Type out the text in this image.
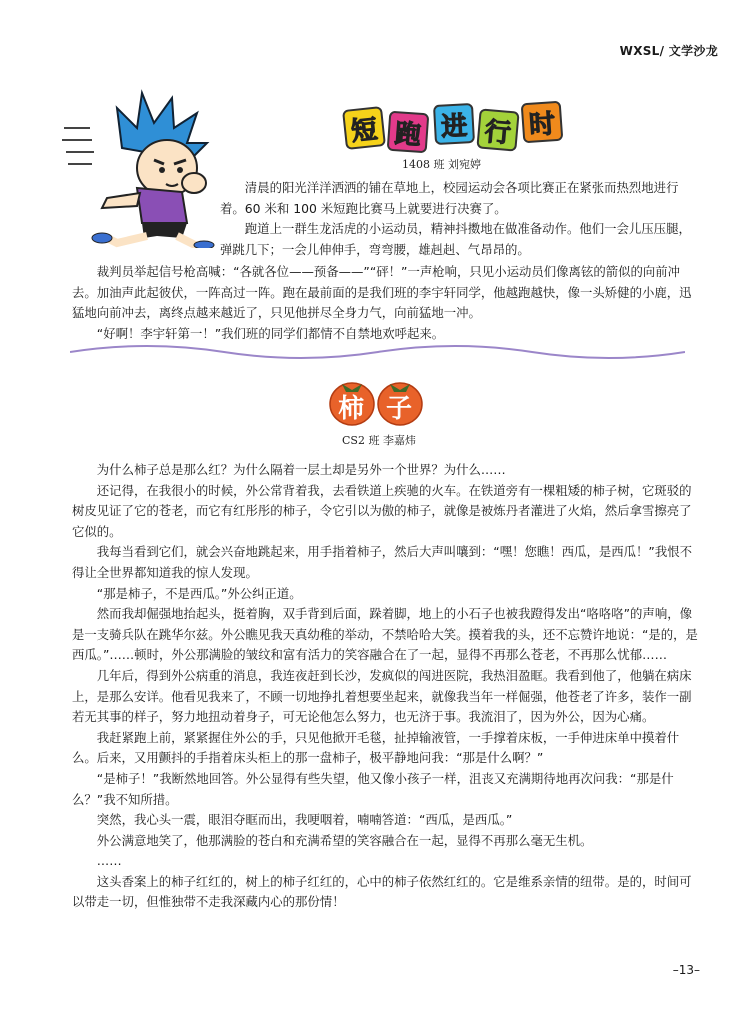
WXSL/ 文学沙龙
短 跑 进 行 时
1408 班 刘宛婷

清晨的阳光洋洋洒洒的铺在草地上，校园运动会各项比赛正在紧张而热烈地进行着。60 米和 100 米短跑比赛马上就要进行决赛了。

跑道上一群生龙活虎的小运动员，精神抖擞地在做准备动作。他们一会儿压压腿，弹跳几下；一会儿伸伸手，弯弯腰，雄赳赳、气昂昂的。

裁判员举起信号枪高喊：“各就各位——预备——”“砰！”一声枪响，只见小运动员们像离铉的箭似的向前冲去。加油声此起彼伏，一阵高过一阵。跑在最前面的是我们班的李宇轩同学，他越跑越快，像一头矫健的小鹿，迅猛地向前冲去，离终点越来越近了，只见他拼尽全身力气，向前猛地一冲。

“好啊！李宇轩第一！”我们班的同学们都情不自禁地欢呼起来。

柿 子
CS2 班 李嘉炜

为什么柿子总是那么红？为什么隔着一层土却是另外一个世界？为什么……

还记得，在我很小的时候，外公常背着我，去看铁道上疾驰的火车。在铁道旁有一棵粗矮的柿子树，它斑驳的树皮见证了它的苍老，而它有红彤彤的柿子，令它引以为傲的柿子，就像是被炼丹者灌进了火焰，然后拿雪擦亮了它似的。

我每当看到它们，就会兴奋地跳起来，用手指着柿子，然后大声叫嚷到：“嘿！您瞧！西瓜，是西瓜！”我恨不得让全世界都知道我的惊人发现。

“那是柿子，不是西瓜。”外公纠正道。

然而我却倔强地抬起头，挺着胸，双手背到后面，跺着脚，地上的小石子也被我蹬得发出“咯咯咯”的声响，像是一支骑兵队在跳华尔兹。外公瞧见我天真幼稚的举动，不禁哈哈大笑。摸着我的头，还不忘赞许地说：“是的，是西瓜。”……顿时，外公那满脸的皱纹和富有活力的笑容融合在了一起，显得不再那么苍老，不再那么忧郁……

几年后，得到外公病重的消息，我连夜赶到长沙，发疯似的闯进医院，我热泪盈眶。我看到他了，他躺在病床上，是那么安详。他看见我来了，不顾一切地挣扎着想要坐起来，就像我当年一样倔强，他苍老了许多，装作一副若无其事的样子，努力地扭动着身子，可无论他怎么努力，也无济于事。我流泪了，因为外公，因为心痛。

我赶紧跑上前，紧紧握住外公的手，只见他掀开毛毯，扯掉输液管，一手撑着床板，一手伸进床单中摸着什么。后来，又用颤抖的手指着床头柜上的那一盘柿子，极平静地问我：“那是什么啊？”

“是柿子！”我断然地回答。外公显得有些失望，他又像小孩子一样，沮丧又充满期待地再次问我：“那是什么？”我不知所措。

突然，我心头一震，眼泪夺眶而出，我哽咽着，喃喃答道：“西瓜，是西瓜。”

外公满意地笑了，他那满脸的苍白和充满希望的笑容融合在一起，显得不再那么毫无生机。

……

这头香案上的柿子红红的，树上的柿子红红的，心中的柿子依然红红的。它是维系亲情的纽带。是的，时间可以带走一切，但惟独带不走我深藏内心的那份情！

–13–
